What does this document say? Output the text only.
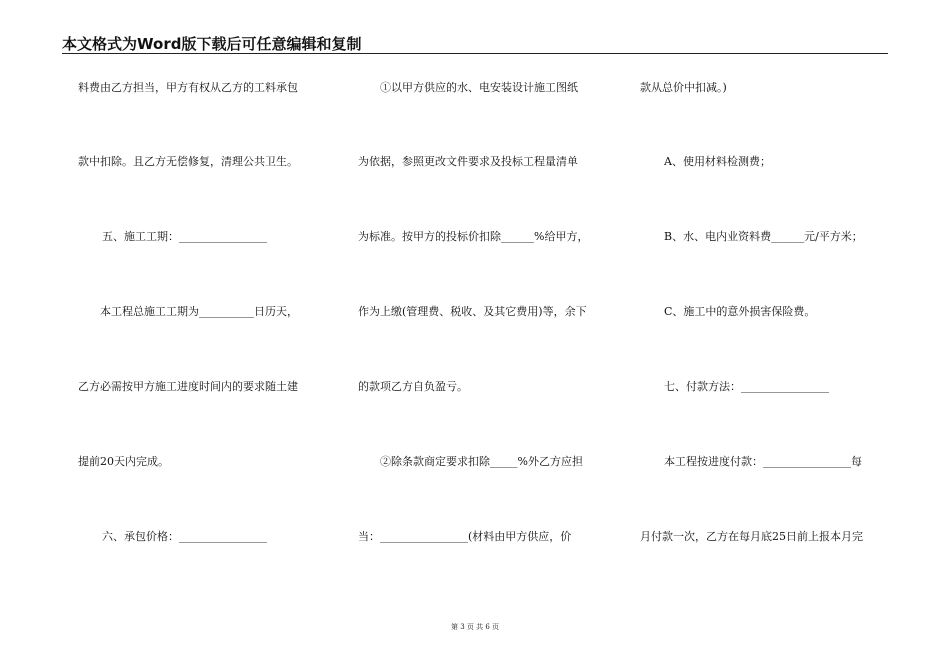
本文格式为Word版下载后可任意编辑和复制
料费由乙方担当，甲方有权从乙方的工料承包
款中扣除。且乙方无偿修复，清理公共卫生。
五、施工工期：________________
本工程总施工工期为__________日历天，
乙方必需按甲方施工进度时间内的要求随土建
提前20天内完成。
六、承包价格：________________
①以甲方供应的水、电安装设计施工图纸
为依据，参照更改文件要求及投标工程量清单
为标准。按甲方的投标价扣除______%给甲方，
作为上缴(管理费、税收、及其它费用)等，余下
的款项乙方自负盈亏。
②除条款商定要求扣除_____%外乙方应担
当：________________(材料由甲方供应，价
款从总价中扣减。)
A、使用材料检测费；
B、水、电内业资料费______元/平方米；
C、施工中的意外损害保险费。
七、付款方法：________________
本工程按进度付款：________________每
月付款一次，乙方在每月底25日前上报本月完
第 3 页 共 6 页
